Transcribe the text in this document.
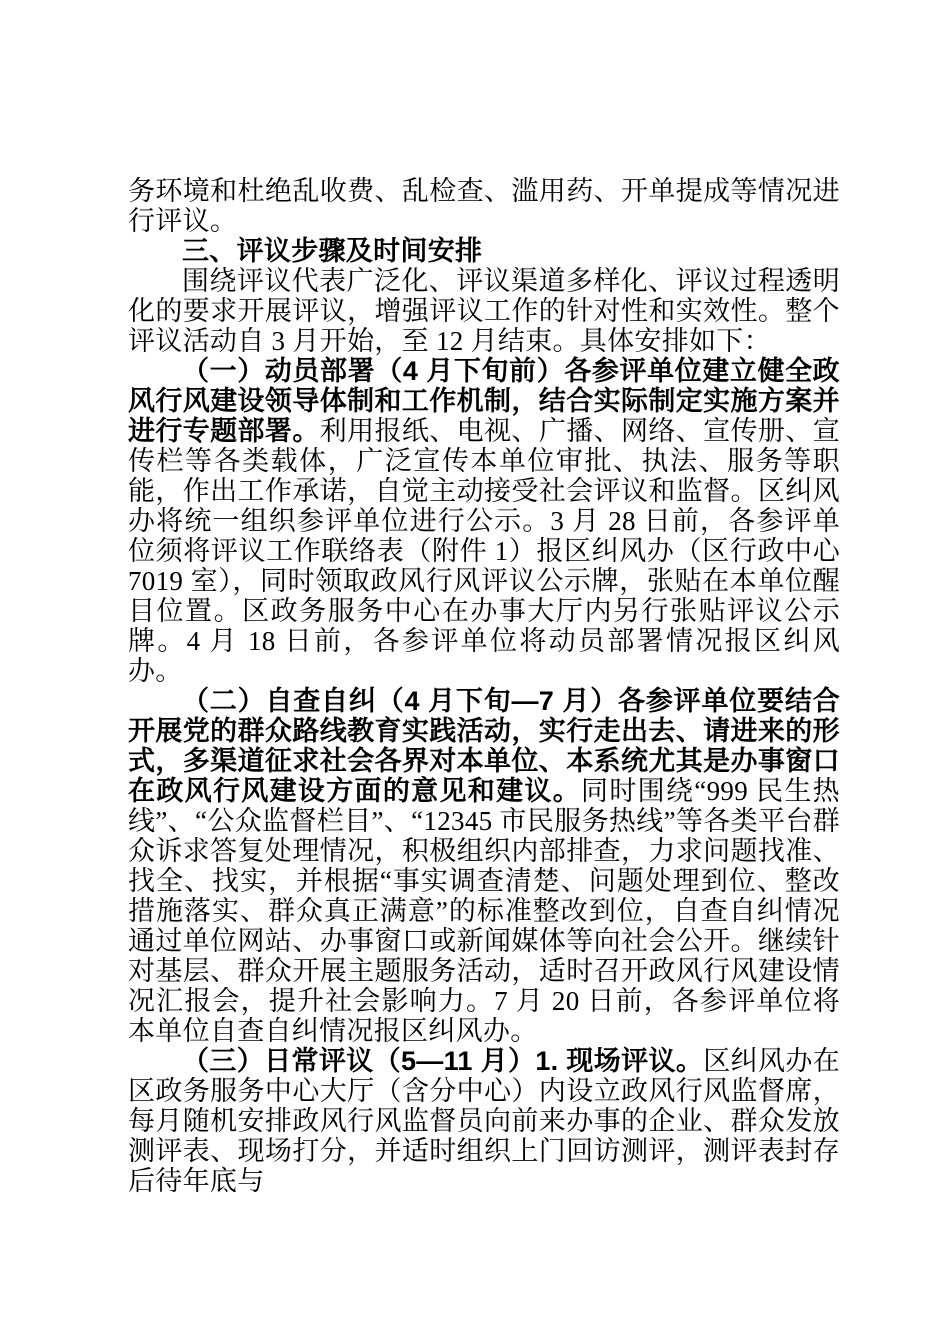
务环境和杜绝乱收费、乱检查、滥用药、开单提成等情况进行评议。

三、评议步骤及时间安排

围绕评议代表广泛化、评议渠道多样化、评议过程透明化的要求开展评议，增强评议工作的针对性和实效性。整个评议活动自 3 月开始，至 12 月结束。具体安排如下：

（一）动员部署（4 月下旬前）各参评单位建立健全政风行风建设领导体制和工作机制，结合实际制定实施方案并进行专题部署。利用报纸、电视、广播、网络、宣传册、宣传栏等各类载体，广泛宣传本单位审批、执法、服务等职能，作出工作承诺，自觉主动接受社会评议和监督。区纠风办将统一组织参评单位进行公示。3 月 28 日前，各参评单位须将评议工作联络表（附件 1）报区纠风办（区行政中心 7019 室），同时领取政风行风评议公示牌，张贴在本单位醒目位置。区政务服务中心在办事大厅内另行张贴评议公示牌。4 月 18 日前，各参评单位将动员部署情况报区纠风办。

（二）自查自纠（4 月下旬—7 月）各参评单位要结合开展党的群众路线教育实践活动，实行走出去、请进来的形式，多渠道征求社会各界对本单位、本系统尤其是办事窗口在政风行风建设方面的意见和建议。同时围绕“999 民生热线”、“公众监督栏目”、“12345 市民服务热线”等各类平台群众诉求答复处理情况，积极组织内部排查，力求问题找准、找全、找实，并根据“事实调查清楚、问题处理到位、整改措施落实、群众真正满意”的标准整改到位，自查自纠情况通过单位网站、办事窗口或新闻媒体等向社会公开。继续针对基层、群众开展主题服务活动，适时召开政风行风建设情况汇报会，提升社会影响力。7 月 20 日前，各参评单位将本单位自查自纠情况报区纠风办。

（三）日常评议（5—11 月）1. 现场评议。区纠风办在区政务服务中心大厅（含分中心）内设立政风行风监督席，每月随机安排政风行风监督员向前来办事的企业、群众发放测评表、现场打分，并适时组织上门回访测评，测评表封存后待年底与
